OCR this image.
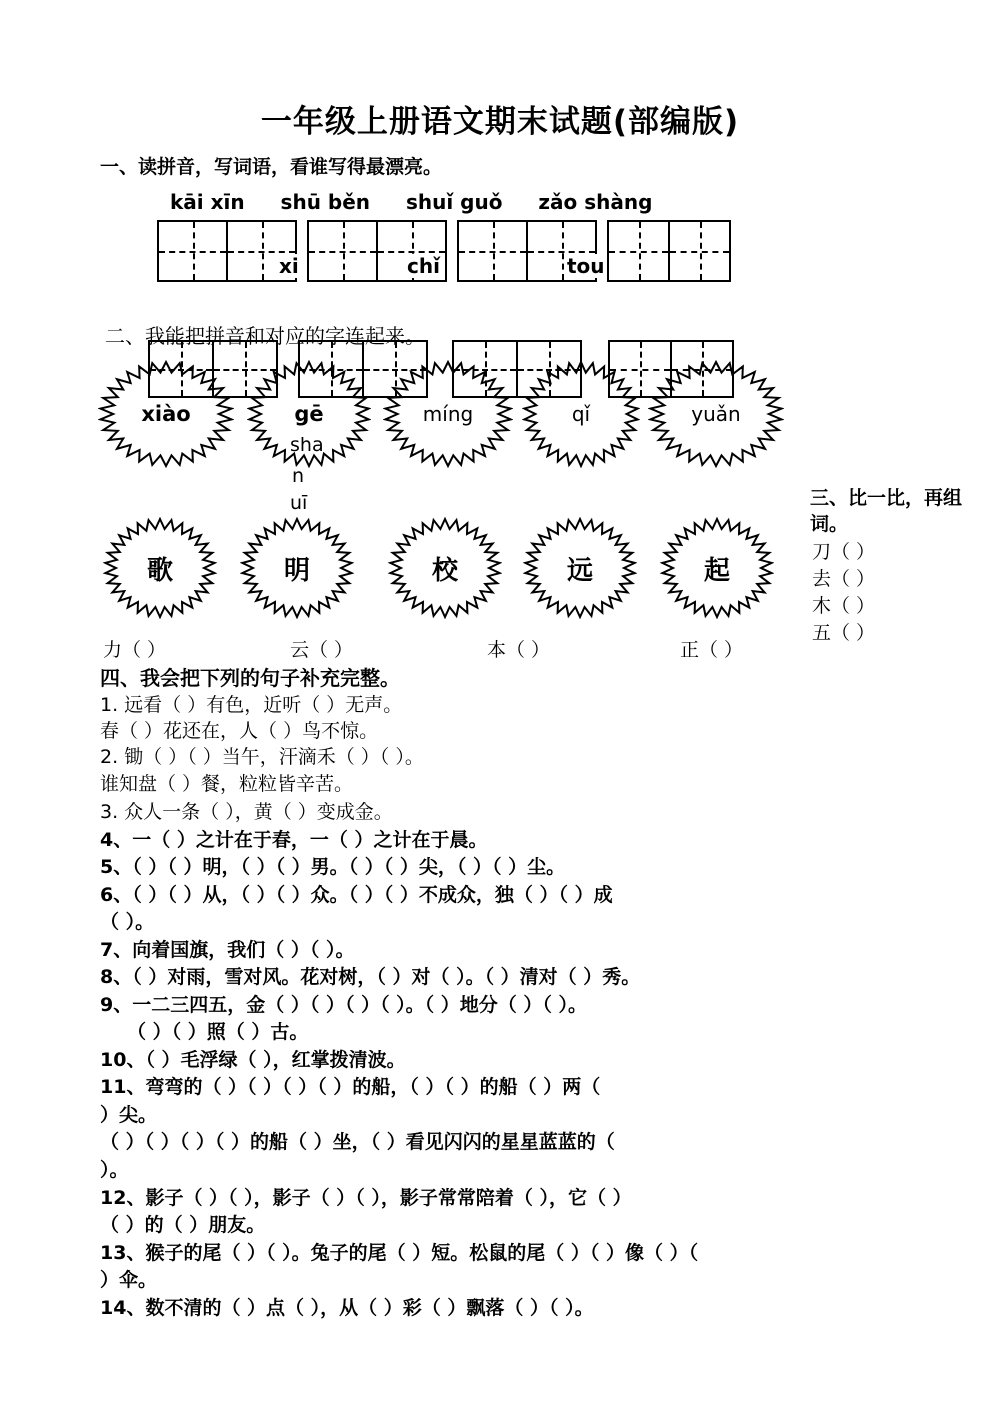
一年级上册语文期末试题(部编版)
一、读拼音，写词语，看谁写得最漂亮。
kāi xīn shū běn shuǐ guǒ zǎo shàng
xi	chǐ	tou
二、我能把拼音和对应的字连起来。
xiào	gē	míng	qǐ	yuǎn
sha
n
uī
歌	明	校	远	起
三、比一比，再组词。
刀（ ）
去（ ）
木（ ）
五（ ）
力（ ）	云（ ）	本（ ）	正（ ）
四、我会把下列的句子补充完整。
1. 远看（ ）有色，近听（ ）无声。
春（ ）花还在，人（ ）鸟不惊。
2. 锄（ ）（ ）当午，汗滴禾（ ）（ ）。
谁知盘（ ）餐，粒粒皆辛苦。
3. 众人一条（ ），黄（ ）变成金。
4、一（ ）之计在于春，一（ ）之计在于晨。
5、（ ）（ ）明，（ ）（ ）男。（ ）（ ）尖，（ ）（ ）尘。
6、（ ）（ ）从，（ ）（ ）众。（ ）（ ）不成众，独（ ）（ ）成
（ ）。
7、向着国旗，我们（ ）（ ）。
8、（ ）对雨，雪对风。花对树，（ ）对（ ）。（ ）清对（ ）秀。
9、一二三四五，金（ ）（ ）（ ）（ ）。（ ）地分（ ）（ ）。
（ ）（ ）照（ ）古。
10、（ ）毛浮绿（ ），红掌拨清波。
11、弯弯的（ ）（ ）（ ）（ ）的船，（ ）（ ）的船（ ）两（
）尖。
（ ）（ ）（ ）（ ）的船（ ）坐，（ ）看见闪闪的星星蓝蓝的（
）。
12、影子（ ）（ ），影子（ ）（ ），影子常常陪着（ ），它（ ）
（ ）的（ ）朋友。
13、猴子的尾（ ）（ ）。兔子的尾（ ）短。松鼠的尾（ ）（ ）像（ ）（
）伞。
14、数不清的（ ）点（ ），从（ ）彩（ ）飘落（ ）（ ）。
